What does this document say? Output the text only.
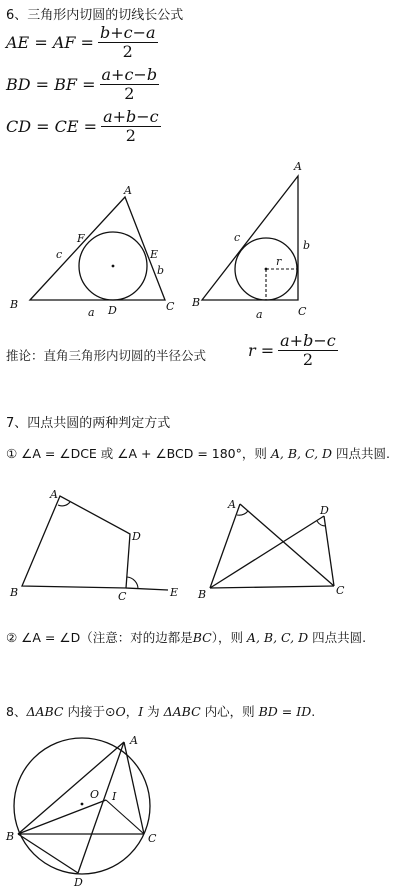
6、三角形内切圆的切线长公式
AE = AF = $\frac{b+c-a}{2}$
BD = BF = $\frac{a+c-b}{2}$
CD = CE = $\frac{a+b-c}{2}$
A
B	C
D
E
F
a
b
c
A
B
C
a
b
c
r
推论：直角三角形内切圆的半径公式	$r = \frac{a+b-c}{2}$
7、四点共圆的两种判定方式
① ∠A = ∠DCE 或 ∠A + ∠BCD = 180°，则 A, B, C, D 四点共圆.
A
B	C
D
E
A
B	C
D
② ∠A = ∠D（注意：对的边都是BC），则 A, B, C, D 四点共圆.
8、ΔABC 内接于⊙O，I 为 ΔABC 内心，则 BD = ID.
A
B	C
D
O I
